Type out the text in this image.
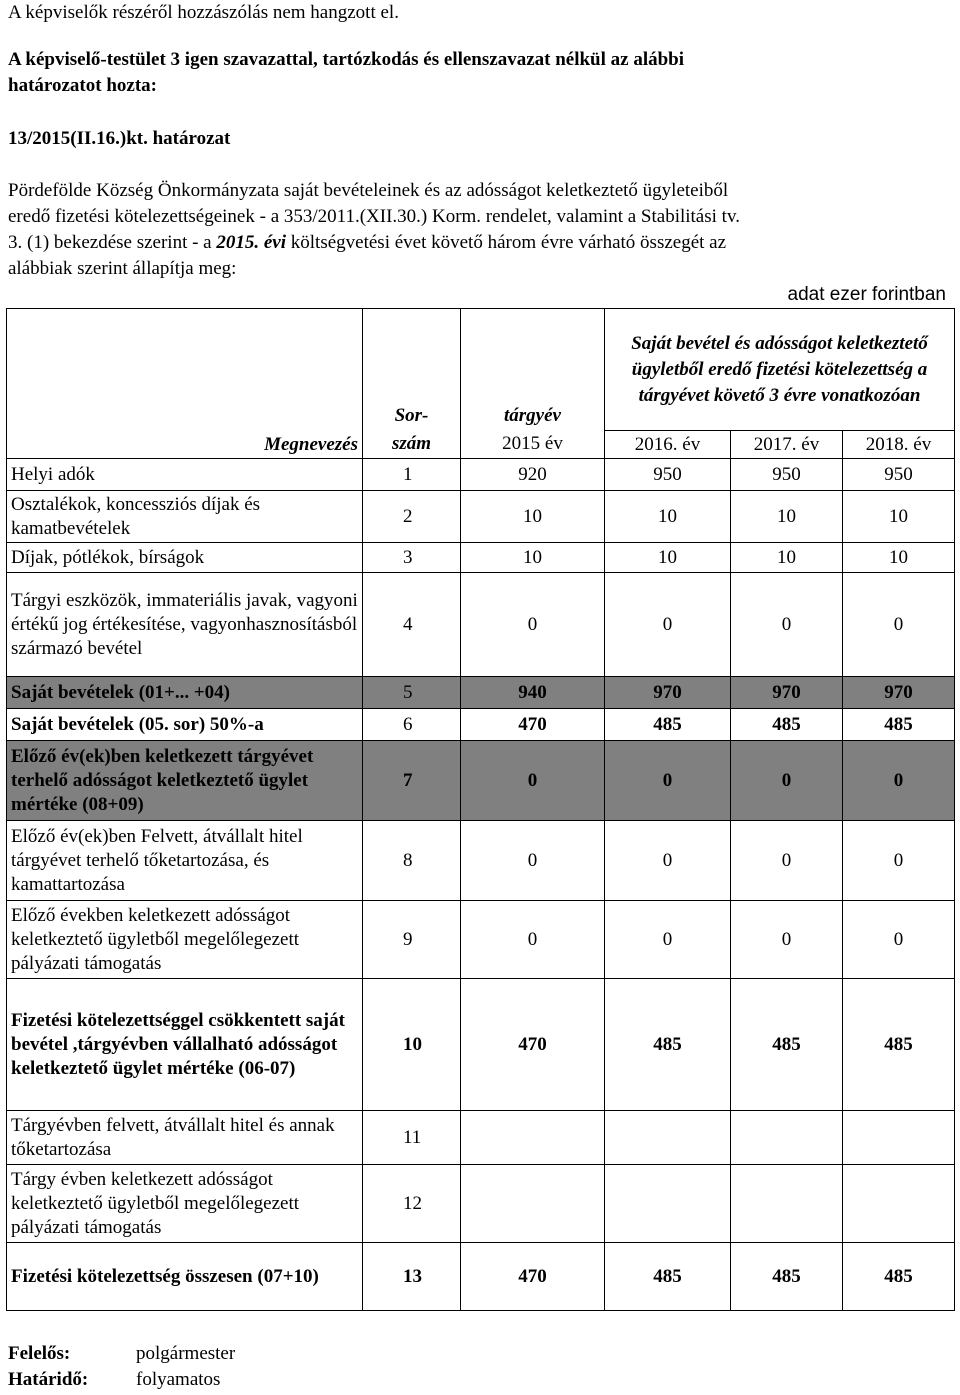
A képviselők részéről hozzászólás nem hangzott el.

A képviselő-testület 3 igen szavazattal, tartózkodás és ellenszavazat nélkül az alábbi

határozatot hozta:

13/2015(II.16.)kt. határozat

Pördefölde Község Önkormányzata saját bevételeinek és az adósságot keletkeztető ügyleteiből

eredő fizetési kötelezettségeinek - a 353/2011.(XII.30.) Korm. rendelet, valamint a Stabilitási tv.

3. (1) bekezdése szerint - a 2015. évi költségvetési évet követő három évre várható összegét az

alábbiak szerint állapítja meg:

adat ezer forintban
Megnevezés	Sor-	tárgyév	Saját bevétel és adósságot keletkeztető ügyletből eredő fizetési kötelezettség a tárgyévet követő 3 évre vonatkozóan		
	szám	2015 év	2016. év	2017. év	2018. év
Helyi adók	1	920	950	950	950
Osztalékok, koncessziós díjak és kamatbevételek	2	10	10	10	10
Díjak, pótlékok, bírságok	3	10	10	10	10
Tárgyi eszközök, immateriális javak, vagyoni értékű jog értékesítése, vagyonhasznosításból származó bevétel	4	0	0	0	0
Saját bevételek (01+... +04)	5	940	970	970	970
Saját bevételek (05. sor) 50%-a	6	470	485	485	485
Előző év(ek)ben keletkezett tárgyévet terhelő adósságot keletkeztető ügylet mértéke (08+09)	7	0	0	0	0
Előző év(ek)ben Felvett, átvállalt hitel tárgyévet terhelő tőketartozása, és kamattartozása	8	0	0	0	0
Előző években keletkezett adósságot keletkeztető ügyletből megelőlegezett pályázati támogatás	9	0	0	0	0
Fizetési kötelezettséggel csökkentett saját bevétel ,tárgyévben vállalható adósságot keletkeztető ügylet mértéke (06-07)	10	470	485	485	485
Tárgyévben felvett, átvállalt hitel és annak tőketartozása	11				
Tárgy évben keletkezett adósságot keletkeztető ügyletből megelőlegezett pályázati támogatás	12				
Fizetési kötelezettség összesen (07+10)	13	470	485	485	485
Felelős:	polgármester
Határidő:	folyamatos
